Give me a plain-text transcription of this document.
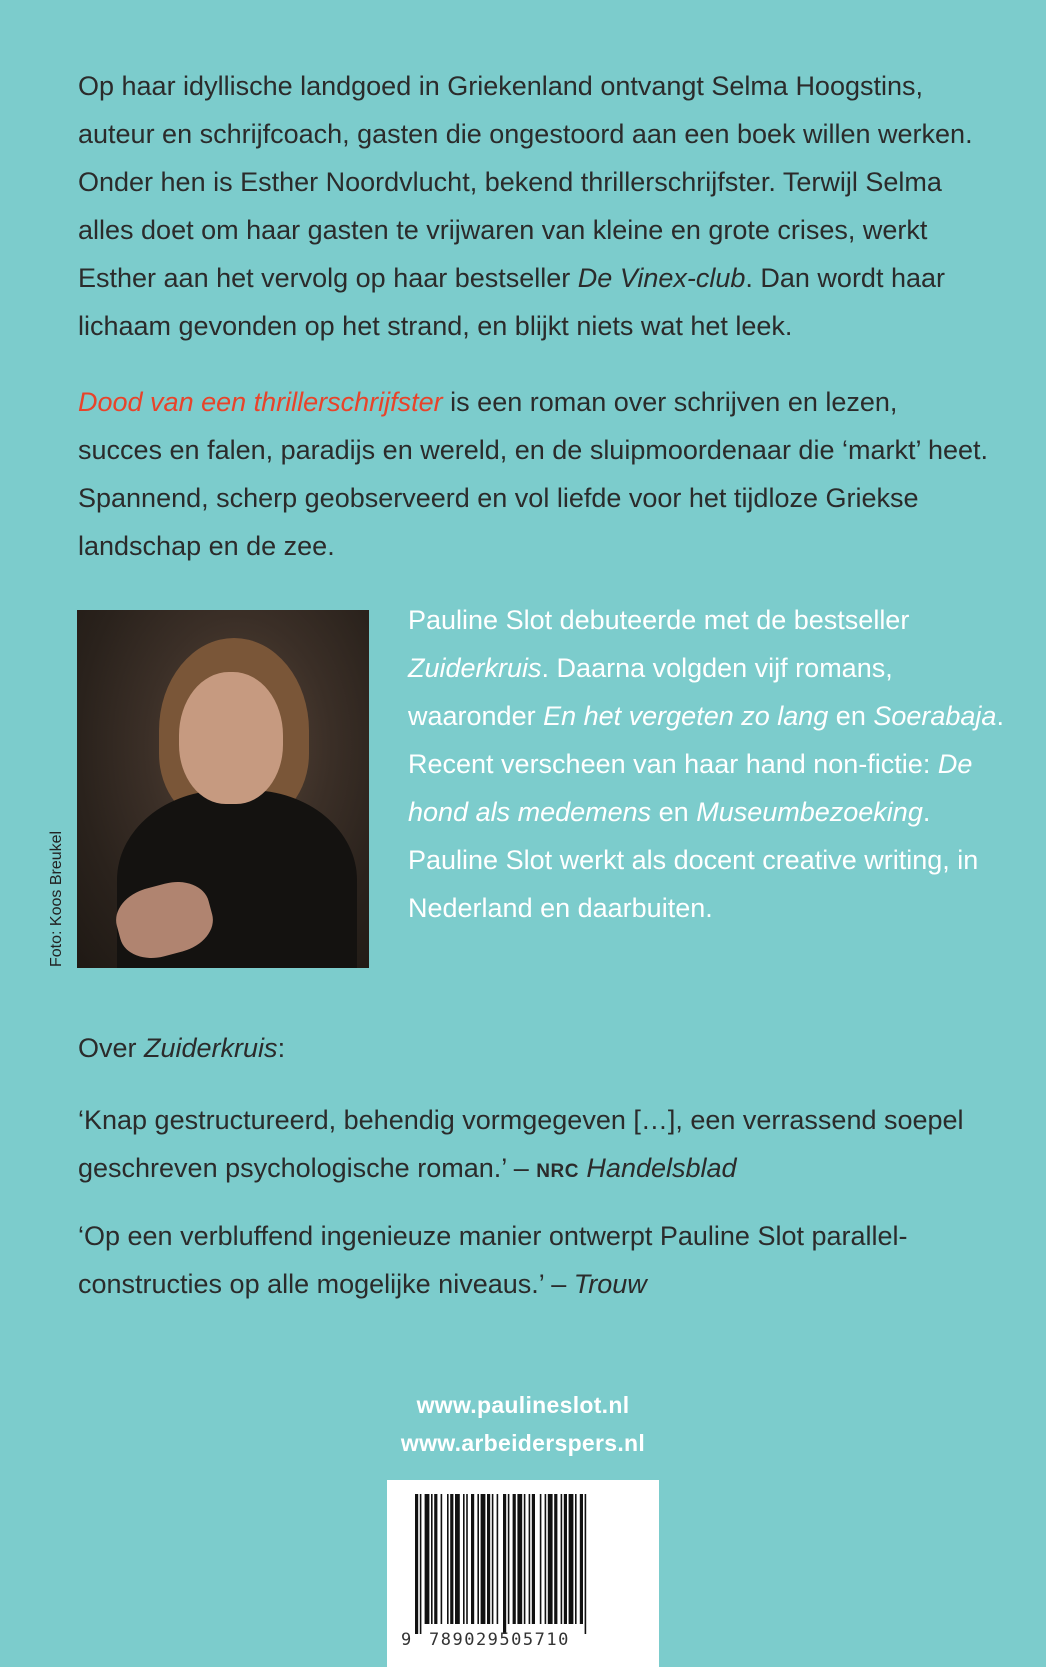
Op haar idyllische landgoed in Griekenland ontvangt Selma Hoogstins, auteur en schrijfcoach, gasten die ongestoord aan een boek willen werken. Onder hen is Esther Noordvlucht, bekend thrillerschrijfster. Terwijl Selma alles doet om haar gasten te vrijwaren van kleine en grote crises, werkt Esther aan het vervolg op haar bestseller De Vinex-club. Dan wordt haar lichaam gevonden op het strand, en blijkt niets wat het leek.

Dood van een thrillerschrijfster is een roman over schrijven en lezen, succes en falen, paradijs en wereld, en de sluipmoordenaar die ‘markt’ heet. Spannend, scherp geobserveerd en vol liefde voor het tijdloze Griekse landschap en de zee.

Foto: Koos Breukel

Pauline Slot debuteerde met de bestseller Zuiderkruis. Daarna volgden vijf romans, waaronder En het vergeten zo lang en Soerabaja. Recent verscheen van haar hand non-fictie: De hond als medemens en Museumbezoeking. Pauline Slot werkt als docent creative writing, in Nederland en daarbuiten.

Over Zuiderkruis:

‘Knap gestructureerd, behendig vormgegeven […], een verrassend soepel geschreven psychologische roman.’ – NRC Handelsblad

‘Op een verbluffend ingenieuze manier ontwerpt Pauline Slot parallel-constructies op alle mogelijke niveaus.’ – Trouw

www.paulineslot.nl
www.arbeiderspers.nl
9 789029505710
